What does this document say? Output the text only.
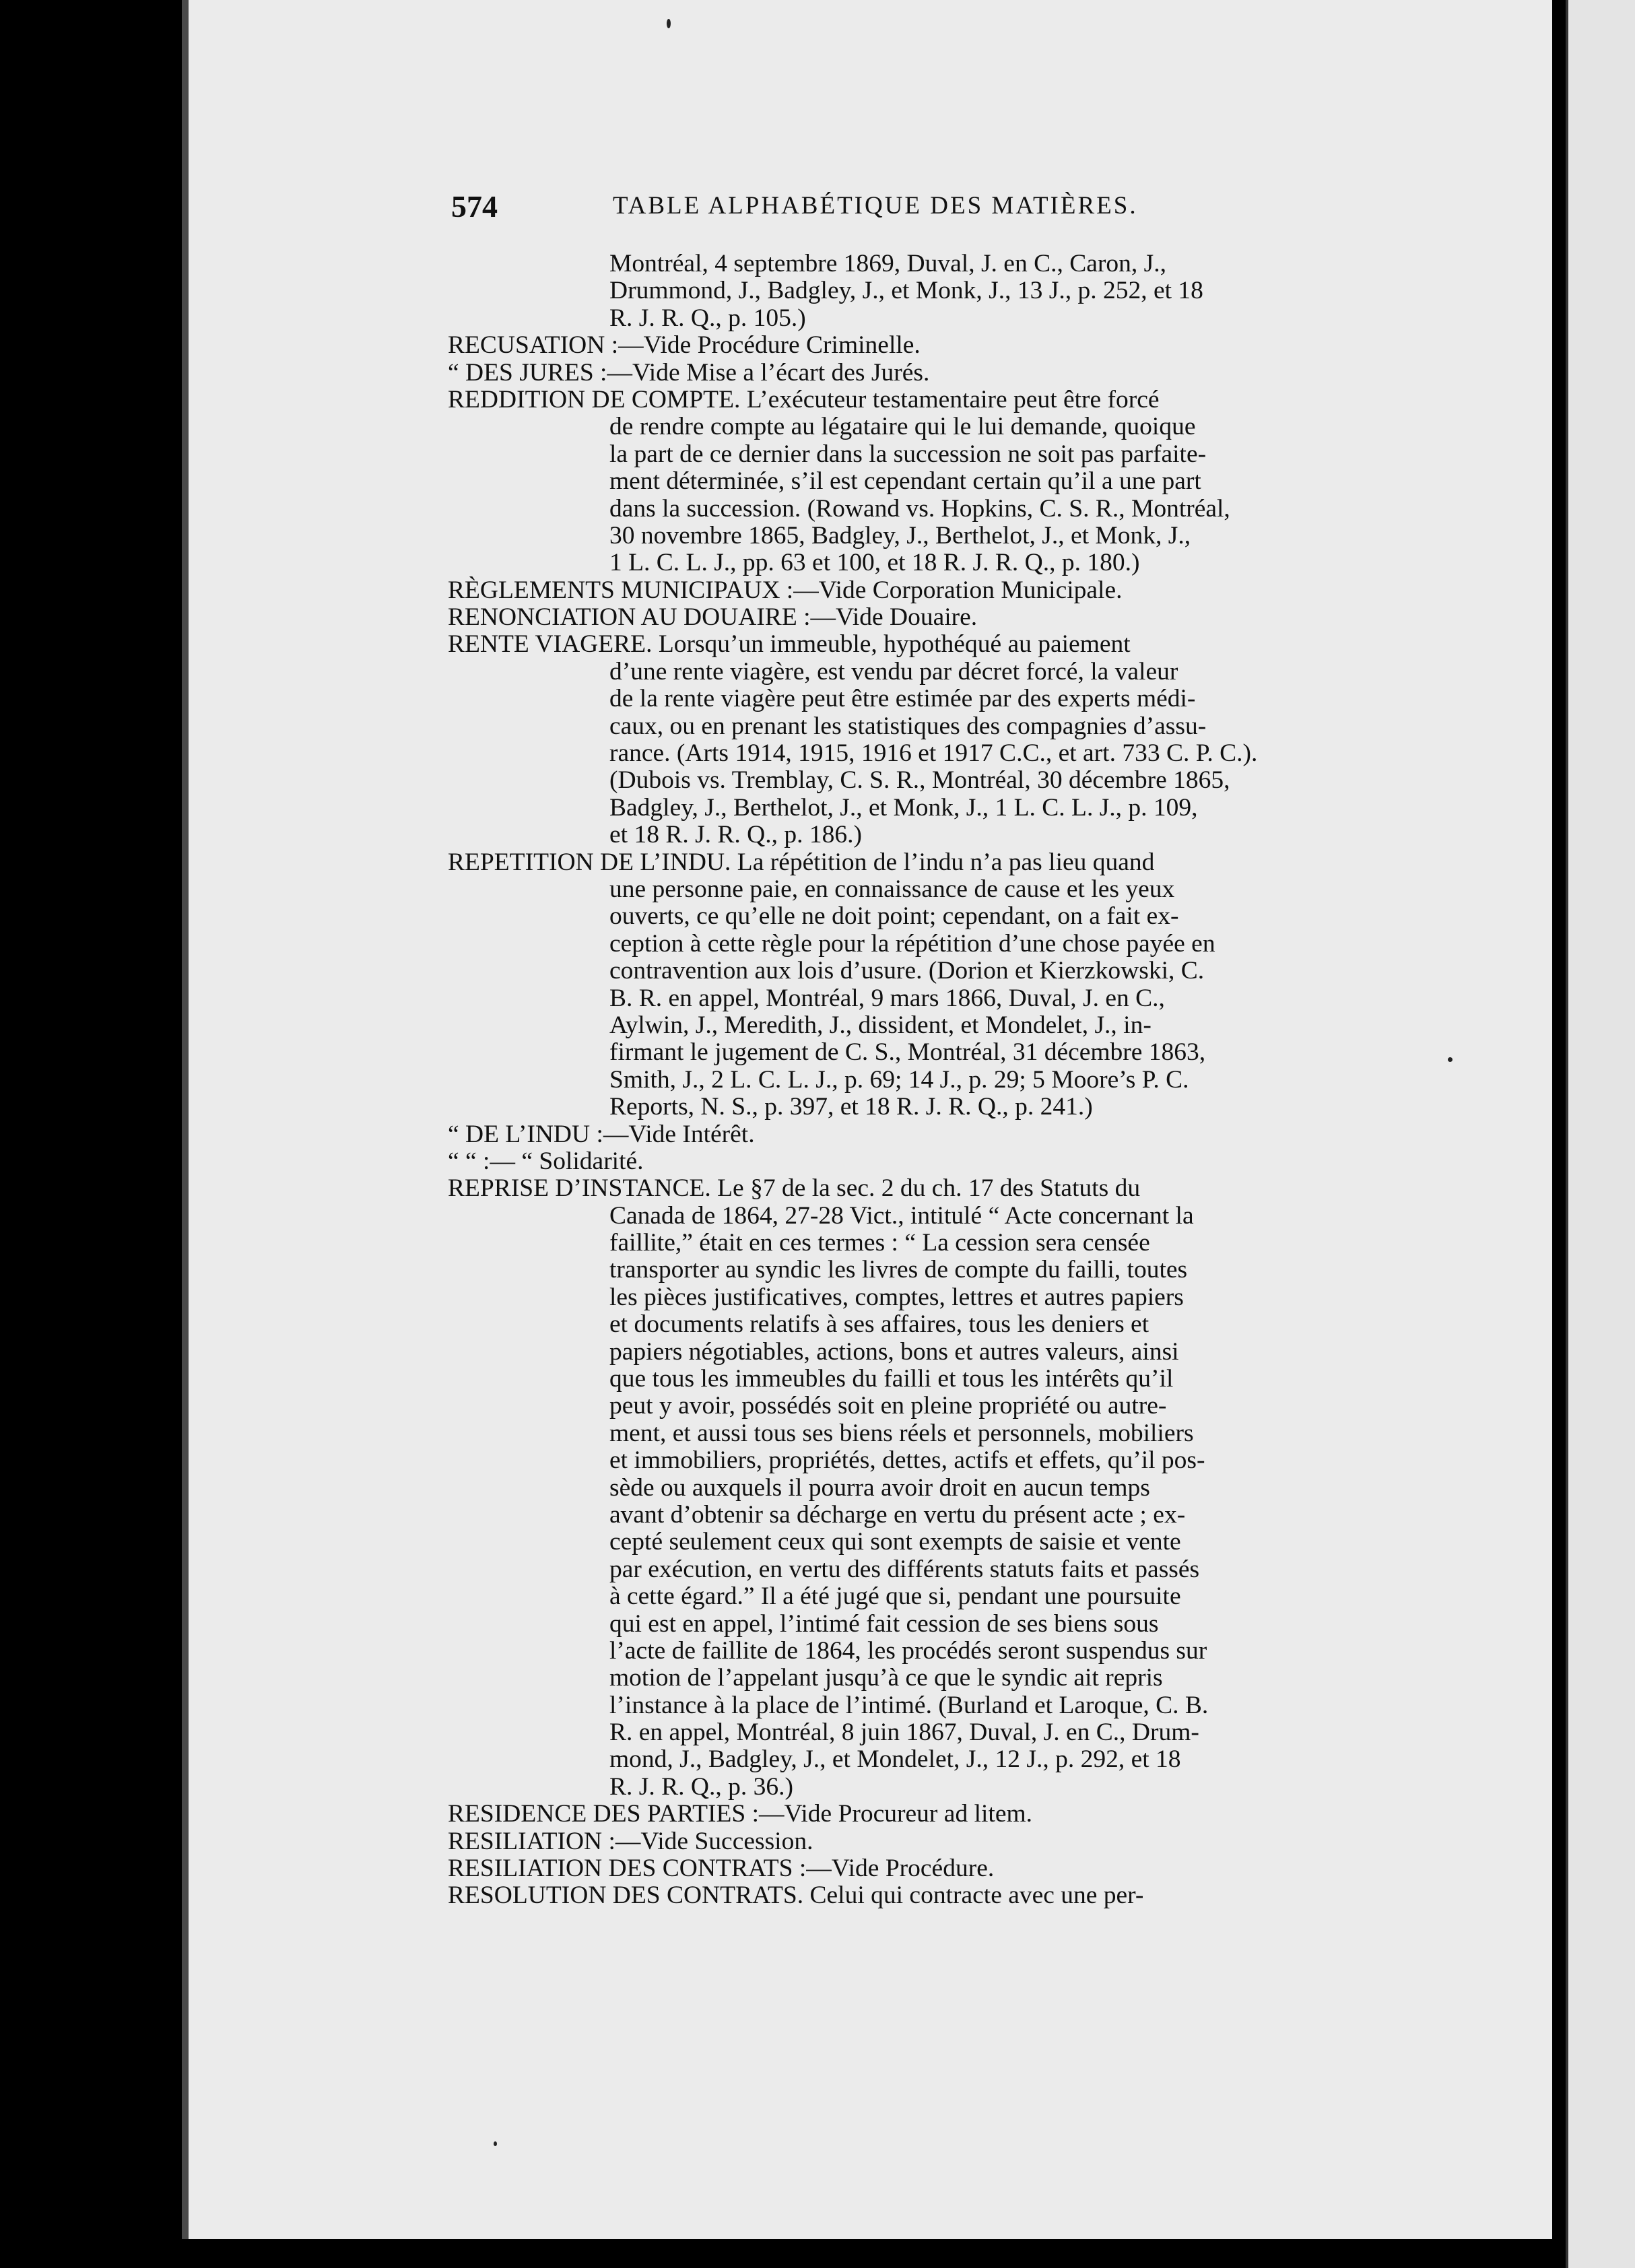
574	TABLE ALPHABÉTIQUE DES MATIÈRES.
Montréal, 4 septembre 1869, Duval, J. en C., Caron, J.,
Drummond, J., Badgley, J., et Monk, J., 13 J., p. 252, et 18
R. J. R. Q., p. 105.)
RECUSATION :—Vide Procédure Criminelle.
“ DES JURES :—Vide Mise a l’écart des Jurés.
REDDITION DE COMPTE. L’exécuteur testamentaire peut être forcé
de rendre compte au légataire qui le lui demande, quoique
la part de ce dernier dans la succession ne soit pas parfaite-
ment déterminée, s’il est cependant certain qu’il a une part
dans la succession. (Rowand vs. Hopkins, C. S. R., Montréal,
30 novembre 1865, Badgley, J., Berthelot, J., et Monk, J.,
1 L. C. L. J., pp. 63 et 100, et 18 R. J. R. Q., p. 180.)
RÈGLEMENTS MUNICIPAUX :—Vide Corporation Municipale.
RENONCIATION AU DOUAIRE :—Vide Douaire.
RENTE VIAGERE. Lorsqu’un immeuble, hypothéqué au paiement
d’une rente viagère, est vendu par décret forcé, la valeur
de la rente viagère peut être estimée par des experts médi-
caux, ou en prenant les statistiques des compagnies d’assu-
rance. (Arts 1914, 1915, 1916 et 1917 C.C., et art. 733 C. P. C.).
(Dubois vs. Tremblay, C. S. R., Montréal, 30 décembre 1865,
Badgley, J., Berthelot, J., et Monk, J., 1 L. C. L. J., p. 109,
et 18 R. J. R. Q., p. 186.)
REPETITION DE L’INDU. La répétition de l’indu n’a pas lieu quand
une personne paie, en connaissance de cause et les yeux
ouverts, ce qu’elle ne doit point; cependant, on a fait ex-
ception à cette règle pour la répétition d’une chose payée en
contravention aux lois d’usure. (Dorion et Kierzkowski, C.
B. R. en appel, Montréal, 9 mars 1866, Duval, J. en C.,
Aylwin, J., Meredith, J., dissident, et Mondelet, J., in-
firmant le jugement de C. S., Montréal, 31 décembre 1863,
Smith, J., 2 L. C. L. J., p. 69; 14 J., p. 29; 5 Moore’s P. C.
Reports, N. S., p. 397, et 18 R. J. R. Q., p. 241.)
“ DE L’INDU :—Vide Intérêt.
“ “ :— “ Solidarité.
REPRISE D’INSTANCE. Le §7 de la sec. 2 du ch. 17 des Statuts du
Canada de 1864, 27-28 Vict., intitulé “ Acte concernant la
faillite,” était en ces termes : “ La cession sera censée
transporter au syndic les livres de compte du failli, toutes
les pièces justificatives, comptes, lettres et autres papiers
et documents relatifs à ses affaires, tous les deniers et
papiers négotiables, actions, bons et autres valeurs, ainsi
que tous les immeubles du failli et tous les intérêts qu’il
peut y avoir, possédés soit en pleine propriété ou autre-
ment, et aussi tous ses biens réels et personnels, mobiliers
et immobiliers, propriétés, dettes, actifs et effets, qu’il pos-
sède ou auxquels il pourra avoir droit en aucun temps
avant d’obtenir sa décharge en vertu du présent acte ; ex-
cepté seulement ceux qui sont exempts de saisie et vente
par exécution, en vertu des différents statuts faits et passés
à cette égard.” Il a été jugé que si, pendant une poursuite
qui est en appel, l’intimé fait cession de ses biens sous
l’acte de faillite de 1864, les procédés seront suspendus sur
motion de l’appelant jusqu’à ce que le syndic ait repris
l’instance à la place de l’intimé. (Burland et Laroque, C. B.
R. en appel, Montréal, 8 juin 1867, Duval, J. en C., Drum-
mond, J., Badgley, J., et Mondelet, J., 12 J., p. 292, et 18
R. J. R. Q., p. 36.)
RESIDENCE DES PARTIES :—Vide Procureur ad litem.
RESILIATION :—Vide Succession.
RESILIATION DES CONTRATS :—Vide Procédure.
RESOLUTION DES CONTRATS. Celui qui contracte avec une per-
